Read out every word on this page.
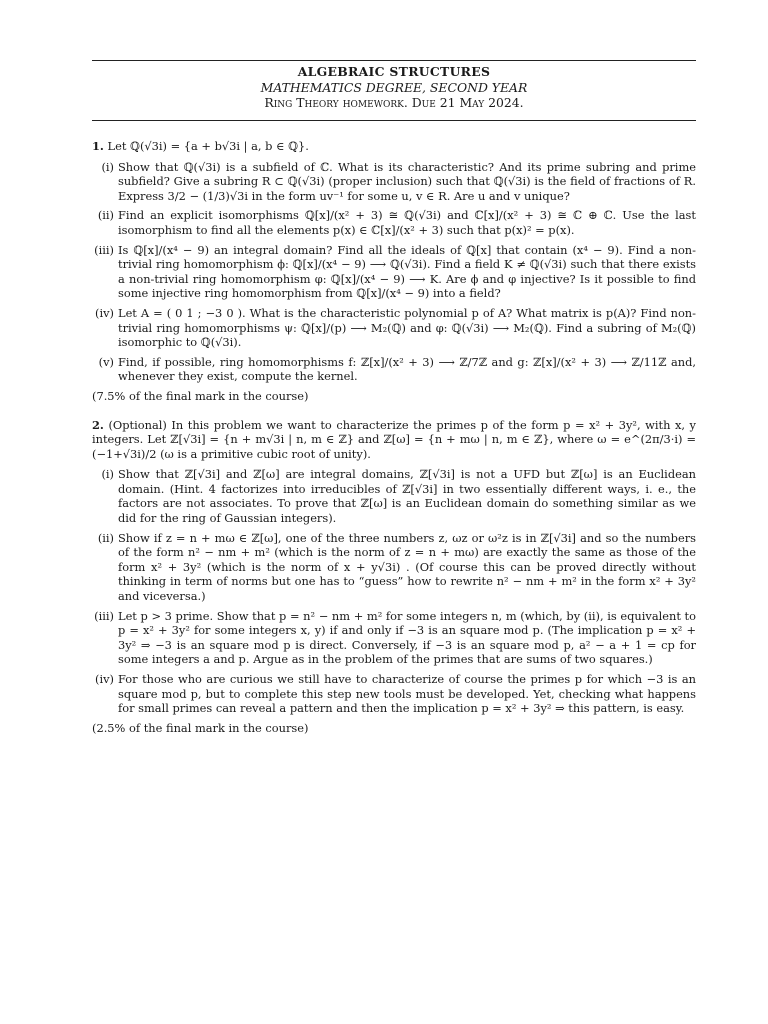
ALGEBRAIC STRUCTURES
MATHEMATICS DEGREE, SECOND YEAR
Ring Theory homework. Due 21 May 2024.

1. Let ℚ(√3i) = {a + b√3i | a, b ∈ ℚ}.

(i) Show that ℚ(√3i) is a subfield of ℂ. What is its characteristic? And its prime subring and prime subfield? Give a subring R ⊂ ℚ(√3i) (proper inclusion) such that ℚ(√3i) is the field of fractions of R. Express 3/2 − (1/3)√3i in the form uv⁻¹ for some u, v ∈ R. Are u and v unique?
(ii) Find an explicit isomorphisms ℚ[x]/(x² + 3) ≅ ℚ(√3i) and ℂ[x]/(x² + 3) ≅ ℂ ⊕ ℂ. Use the last isomorphism to find all the elements p(x) ∈ ℂ[x]/(x² + 3) such that p(x)² = p(x).
(iii) Is ℚ[x]/(x⁴ − 9) an integral domain? Find all the ideals of ℚ[x] that contain (x⁴ − 9). Find a non-trivial ring homomorphism ϕ: ℚ[x]/(x⁴ − 9) ⟶ ℚ(√3i). Find a field K ≠ ℚ(√3i) such that there exists a non-trivial ring homomorphism φ: ℚ[x]/(x⁴ − 9) ⟶ K. Are ϕ and φ injective? Is it possible to find some injective ring homomorphism from ℚ[x]/(x⁴ − 9) into a field?
(iv) Let A = ( 0 1 ; −3 0 ). What is the characteristic polynomial p of A? What matrix is p(A)? Find non-trivial ring homomorphisms ψ: ℚ[x]/(p) ⟶ M₂(ℚ) and φ: ℚ(√3i) ⟶ M₂(ℚ). Find a subring of M₂(ℚ) isomorphic to ℚ(√3i).
(v) Find, if possible, ring homomorphisms f: ℤ[x]/(x² + 3) ⟶ ℤ/7ℤ and g: ℤ[x]/(x² + 3) ⟶ ℤ/11ℤ and, whenever they exist, compute the kernel.

(7.5% of the final mark in the course)

2. (Optional) In this problem we want to characterize the primes p of the form p = x² + 3y², with x, y integers. Let ℤ[√3i] = {n + m√3i | n, m ∈ ℤ} and ℤ[ω] = {n + mω | n, m ∈ ℤ}, where ω = e^(2π/3·i) = (−1+√3i)/2 (ω is a primitive cubic root of unity).

(i) Show that ℤ[√3i] and ℤ[ω] are integral domains, ℤ[√3i] is not a UFD but ℤ[ω] is an Euclidean domain. (Hint. 4 factorizes into irreducibles of ℤ[√3i] in two essentially different ways, i. e., the factors are not associates. To prove that ℤ[ω] is an Euclidean domain do something similar as we did for the ring of Gaussian integers).
(ii) Show if z = n + mω ∈ ℤ[ω], one of the three numbers z, ωz or ω²z is in ℤ[√3i] and so the numbers of the form n² − nm + m² (which is the norm of z = n + mω) are exactly the same as those of the form x² + 3y² (which is the norm of x + y√3i) . (Of course this can be proved directly without thinking in term of norms but one has to “guess” how to rewrite n² − nm + m² in the form x² + 3y² and viceversa.)
(iii) Let p > 3 prime. Show that p = n² − nm + m² for some integers n, m (which, by (ii), is equivalent to p = x² + 3y² for some integers x, y) if and only if −3 is an square mod p. (The implication p = x² + 3y² ⇒ −3 is an square mod p is direct. Conversely, if −3 is an square mod p, a² − a + 1 = cp for some integers a and p. Argue as in the problem of the primes that are sums of two squares.)
(iv) For those who are curious we still have to characterize of course the primes p for which −3 is an square mod p, but to complete this step new tools must be developed. Yet, checking what happens for small primes can reveal a pattern and then the implication p = x² + 3y² ⇒ this pattern, is easy.

(2.5% of the final mark in the course)
